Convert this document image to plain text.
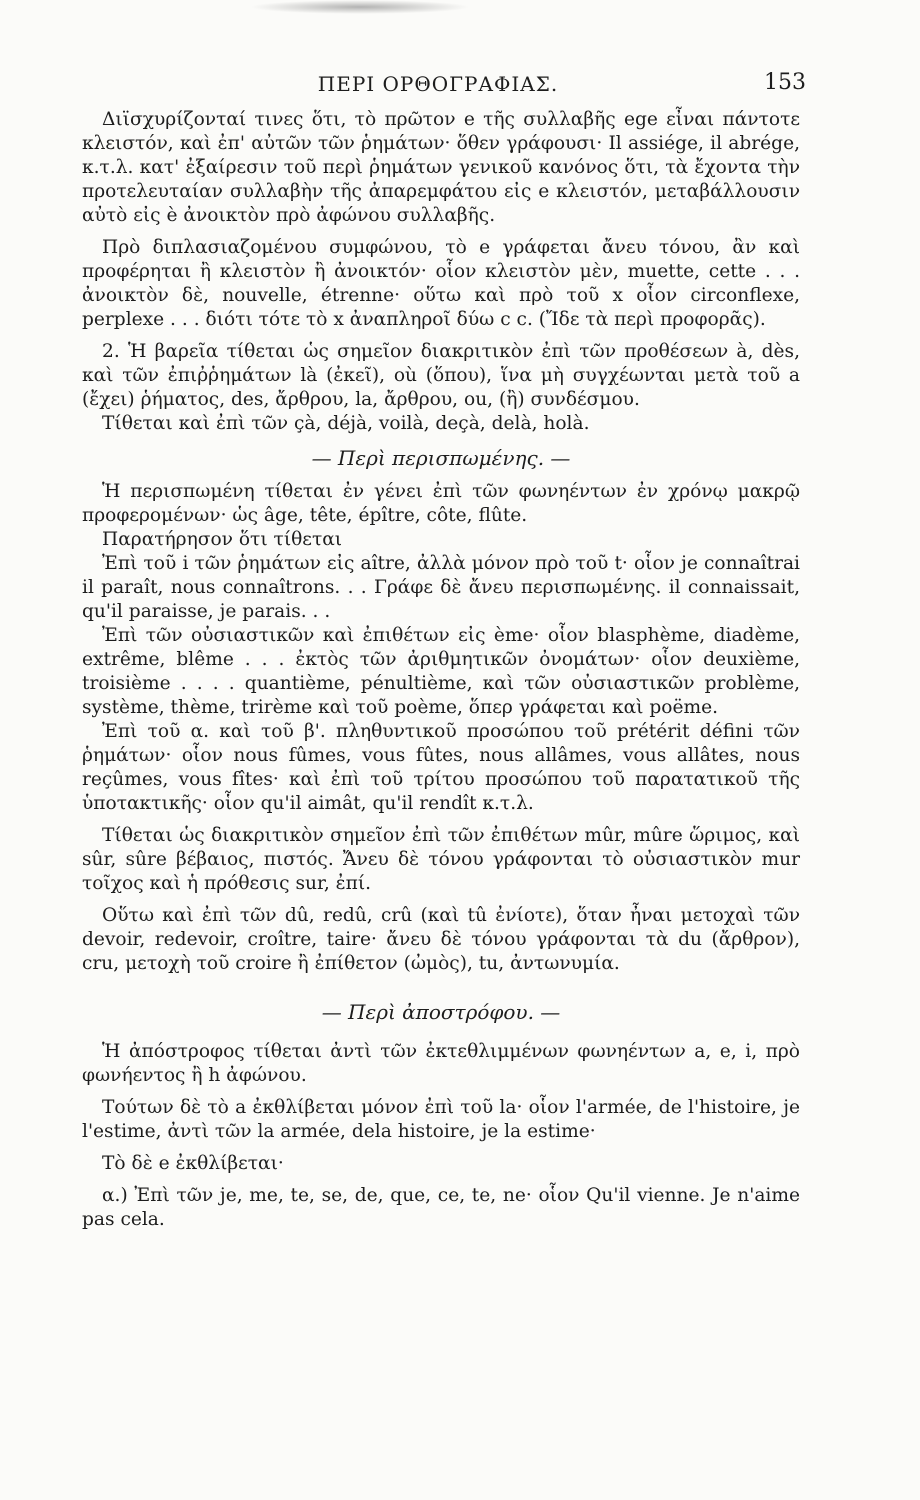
ΠΕΡΙ ΟΡΘΟΓΡΑΦΙΑΣ.	153

Διϊσχυρίζονταί τινες ὅτι, τὸ πρῶτον e τῆς συλλαβῆς ege εἶναι πάντοτε κλειστόν, καὶ ἐπ' αὐτῶν τῶν ῥημάτων· ὅθεν γράφουσι· Il assiége, il abrége, κ.τ.λ. κατ' ἐξαίρεσιν τοῦ περὶ ῥημάτων γενικοῦ κανόνος ὅτι, τὰ ἔχοντα τὴν προτελευταίαν συλλαβὴν τῆς ἀπαρεμφάτου εἰς e κλειστόν, μεταβάλλουσιν αὐτὸ εἰς è ἀνοικτὸν πρὸ ἀφώνου συλλαβῆς.

Πρὸ διπλασιαζομένου συμφώνου, τὸ e γράφεται ἄνευ τόνου, ἂν καὶ προφέρηται ἢ κλειστὸν ἢ ἀνοικτόν· οἷον κλειστὸν μὲν, muette, cette . . . ἀνοικτὸν δὲ, nouvelle, étrenne· οὕτω καὶ πρὸ τοῦ x οἷον circonflexe, perplexe . . . διότι τότε τὸ x ἀναπληροῖ δύω c c. (Ἴδε τὰ περὶ προφορᾶς).

2. Ἡ βαρεῖα τίθεται ὡς σημεῖον διακριτικὸν ἐπὶ τῶν προθέσεων à, dès, καὶ τῶν ἐπιῤῥημάτων là (ἐκεῖ), où (ὅπου), ἵνα μὴ συγχέωνται μετὰ τοῦ a (ἔχει) ῥήματος, des, ἄρθρου, la, ἄρθρου, ou, (ἢ) συνδέσμου.

Τίθεται καὶ ἐπὶ τῶν çà, déjà, voilà, deçà, delà, holà.

— Περὶ περισπωμένης. —

Ἡ περισπωμένη τίθεται ἐν γένει ἐπὶ τῶν φωνηέντων ἐν χρόνῳ μακρῷ προφερομένων· ὡς âge, tête, épître, côte, flûte.

Παρατήρησον ὅτι τίθεται

Ἐπὶ τοῦ i τῶν ῥημάτων εἰς aître, ἀλλὰ μόνον πρὸ τοῦ t· οἷον je connaîtrai il paraît, nous connaîtrons. . . Γράφε δὲ ἄνευ περισπωμένης. il connaissait, qu'il paraisse, je parais. . .

Ἐπὶ τῶν οὐσιαστικῶν καὶ ἐπιθέτων εἰς ème· οἷον blasphème, diadème, extrême, blême . . . ἐκτὸς τῶν ἀριθμητικῶν ὀνομάτων· οἷον deuxième, troisième . . . . quantième, pénultième, καὶ τῶν οὐσιαστικῶν problème, système, thème, trirème καὶ τοῦ poème, ὅπερ γράφεται καὶ poëme.

Ἐπὶ τοῦ α. καὶ τοῦ β'. πληθυντικοῦ προσώπου τοῦ prétérit défini τῶν ῥημάτων· οἷον nous fûmes, vous fûtes, nous allâmes, vous allâtes, nous reçûmes, vous fîtes· καὶ ἐπὶ τοῦ τρίτου προσώπου τοῦ παρατατικοῦ τῆς ὑποτακτικῆς· οἷον qu'il aimât, qu'il rendît κ.τ.λ.

Τίθεται ὡς διακριτικὸν σημεῖον ἐπὶ τῶν ἐπιθέτων mûr, mûre ὥριμος, καὶ sûr, sûre βέβαιος, πιστός. Ἄνευ δὲ τόνου γράφονται τὸ οὐσιαστικὸν mur τοῖχος καὶ ἡ πρόθεσις sur, ἐπί.

Οὕτω καὶ ἐπὶ τῶν dû, redû, crû (καὶ tû ἐνίοτε), ὅταν ἦναι μετοχαὶ τῶν devoir, redevoir, croître, taire· ἄνευ δὲ τόνου γράφονται τὰ du (ἄρθρον), cru, μετοχὴ τοῦ croire ἢ ἐπίθετον (ὠμὸς), tu, ἀντωνυμία.

— Περὶ ἀποστρόφου. —

Ἡ ἀπόστροφος τίθεται ἀντὶ τῶν ἐκτεθλιμμένων φωνηέντων a, e, i, πρὸ φωνήεντος ἢ h ἀφώνου.

Τούτων δὲ τὸ a ἐκθλίβεται μόνον ἐπὶ τοῦ la· οἷον l'armée, de l'histoire, je l'estime, ἀντὶ τῶν la armée, dela histoire, je la estime·

Τὸ δὲ e ἐκθλίβεται·

α.) Ἐπὶ τῶν je, me, te, se, de, que, ce, te, ne· οἷον Qu'il vienne. Je n'aime pas cela.
